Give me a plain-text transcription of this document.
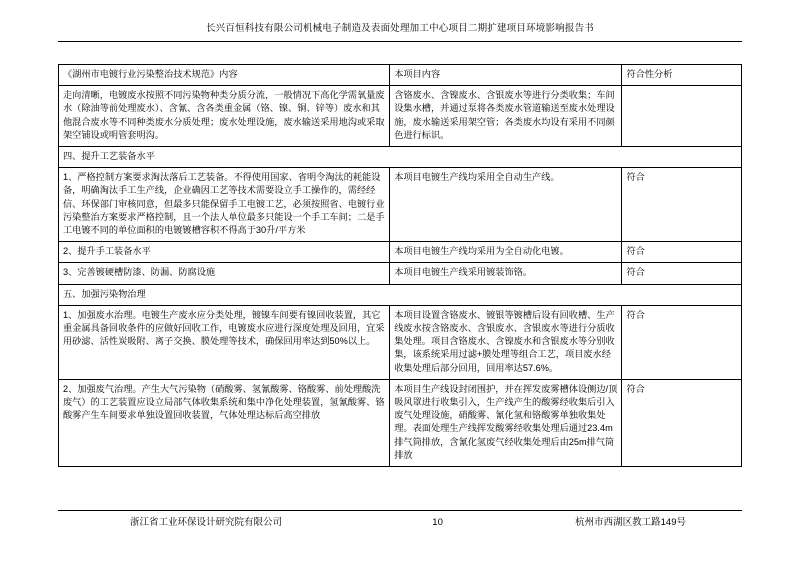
长兴百恒科技有限公司机械电子制造及表面处理加工中心项目二期扩建项目环境影响报告书
《湖州市电镀行业污染整治技术规范》内容	本项目内容	符合性分析
走向清晰，电镀废水按照不同污染物种类分质分流，一般情况下高化学需氧量废水（除油等前处理废水）、含氰、含各类重金属（铬、镍、铜、锌等）废水和其他混合废水等不同种类废水分质处理；废水处理设施，废水输送采用地沟或采取架空铺设或明管套明沟。	含铬废水、含镍废水、含银废水等进行分类收集；车间设集水槽，并通过泵将各类废水管道输送至废水处理设施，废水输送采用架空管；各类废水均设有采用不同颜色进行标识。	
四、提升工艺装备水平		
1、严格控制方案要求淘汰落后工艺装备。不得使用国家、省明令淘汰的耗能设备，明确淘汰手工生产线，企业确因工艺等技术需要设立手工操作的，需经经信、环保部门审核同意，但最多只能保留手工电镀工艺，必须按照省、电镀行业污染整治方案要求严格控制，且一个法人单位最多只能设一个手工车间；二是手工电镀不同的单位面积的电镀镀槽容积不得高于30升/平方米	本项目电镀生产线均采用全自动生产线。	符合
2、提升手工装备水平	本项目电镀生产线均采用为全自动化电镀。	符合
3、完善镀硬槽防漆、防漏、防腐设施	本项目电镀生产线采用镀装饰铬。	符合
五、加强污染物治理		
1、加强废水治理。电镀生产废水应分类处理，镀镍车间要有镍回收装置，其它重金属具备回收条件的应做好回收工作，电镀废水应进行深度处理及回用，宜采用砂滤、活性炭吸附、离子交换、膜处理等技术，确保回用率达到50%以上。	本项目设置含铬废水、镀银等镀槽后设有回收槽、生产线废水按含铬废水、含银废水、含银废水等进行分质收集处理。项目含铬废水、含镍废水和含银废水等分别收集，该系统采用过滤+膜处理等组合工艺，项目废水经收集处理后部分回用，回用率达57.6%。	符合
2、加强废气治理。产生大气污染物（硝酸雾、氢氰酸雾、铬酸雾、前处理酸洗废气）的工艺装置应设立局部气体收集系统和集中净化处理装置，氢氰酸雾、铬酸雾产生车间要求单独设置回收装置，气体处理达标后高空排放	本项目生产线设封闭围护，并在挥发废雾槽体设侧边/顶吸风罩进行收集引入，生产线产生的酸雾经收集后引入废气处理设施，硝酸雾、氰化氢和铬酸雾单独收集处理。表面处理生产线挥发酸雾经收集处理后通过23.4m排气筒排放，含氰化氢废气经收集处理后由25m排气筒排放	符合
浙江省工业环保设计研究院有限公司	10	杭州市西湖区教工路149号
